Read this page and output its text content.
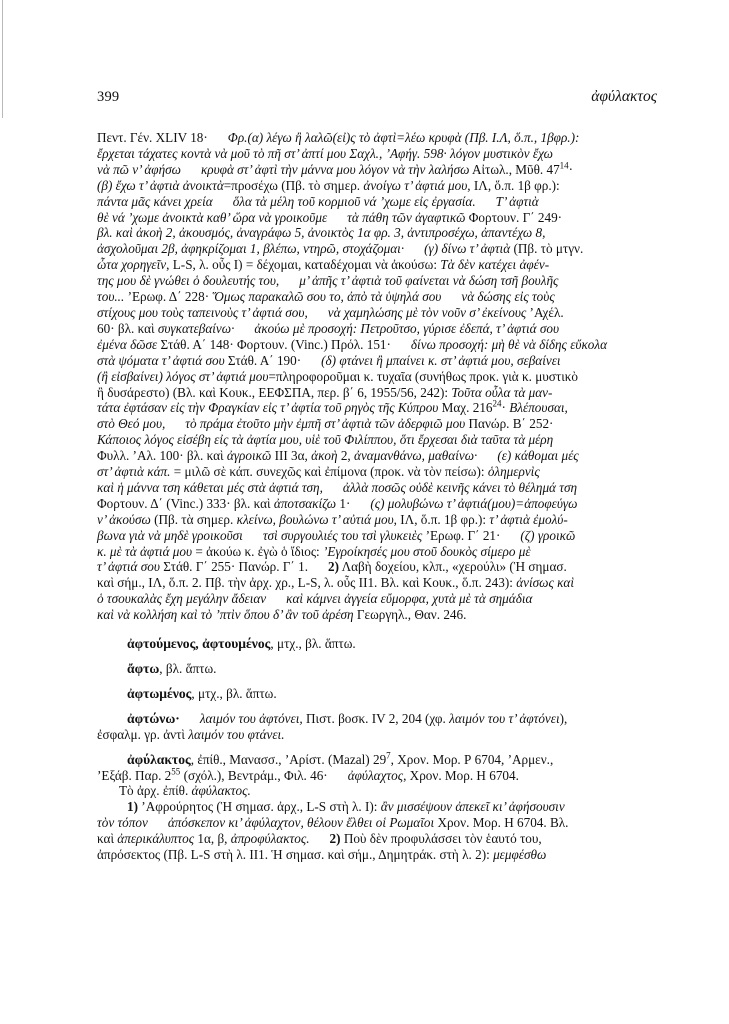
399	ἀφύλακτος
Πεντ. Γέν. XLIV 18· Φρ.(α) λέγω ἢ λαλῶ(εἰ)ς τὸ ἀφτὶ=λέω κρυφὰ (Πβ. Ι.Λ, ὅ.π., 1βφρ.):
ἔρχεται τάχατες κοντὰ νὰ μοῦ τὸ πῆ στ’ ἀπτί μου Σαχλ., ’Αφήγ. 598· λόγον μυστικὸν ἔχω
νὰ πῶ ν’ ἀφήσω κρυφὰ στ’ ἀφτὶ τὴν μάννα μου λόγον νὰ τὴν λαλήσω Αἰτωλ., Μῦθ. $47^{14}\cdot$
(β) ἔχω τ’ ἀφτιὰ ἀνοικτὰ=προσέχω (Πβ. τὸ σημερ. ἀνοίγω τ’ ἀφτιά μου, ΙΛ, ὅ.π. 1β φρ.):
πάντα μᾶς κάνει χρεία ὅλα τὰ μέλη τοῦ κορμιοῦ νά ’χωμε εἰς ἐργασία. Τ’ ἀφτιὰ
θὲ νά ’χωμε ἀνοικτὰ καθ’ ὥρα νὰ γροικοῦμε τὰ πάθη τῶν ἀγαφτικῶ Φορτουν. Γ΄ 249·
βλ. καὶ ἀκοὴ 2, ἀκουσμός, ἀναγράφω 5, ἀνοικτὸς 1α φρ. 3, ἀντιπροσέχω, ἀπαντέχω 8,
ἀσχολοῦμαι 2β, ἀφηκρίζομαι 1, βλέπω, ντηρῶ, στοχάζομαι· (γ) δίνω τ’ ἀφτιὰ (Πβ. τὸ μτγν.
ὦτα χορηγεῖν, L-S, λ. οὖς I) = δέχομαι, καταδέχομαι νὰ ἀκούσω: Τὰ δὲν κατέχει ἀφέν-
της μου δὲ γνώθει ὁ δουλευτής του, μ’ ἀπῆς τ’ ἀφτιὰ τοῦ φαίνεται νὰ δώση τσῆ βουλῆς
του... ’Ερωφ. Δ΄ 228· Ὅμως παρακαλῶ σου το, ἀπὸ τὰ ὑψηλά σου νὰ δώσης εἰς τοὺς
στίχους μου τοὺς ταπεινοὺς τ’ ἀφτιά σου, νὰ χαμηλώσης μὲ τὸν νοῦν σ’ ἐκείνους ’Αχέλ.
60· βλ. καὶ συγκατεβαίνω· ἀκούω μὲ προσοχή: Πετροῦτσο, γύρισε ἐδεπά, τ’ ἀφτιά σου
ἐμένα δῶσε Στάθ. Α΄ 148· Φορτουν. (Vinc.) Πρόλ. 151· δίνω προσοχή: μὴ θὲ νὰ δίδης εὔκολα
στὰ ψόματα τ’ ἀφτιά σου Στάθ. Α΄ 190· (δ) φτάνει ἢ μπαίνει κ. στ’ ἀφτιά μου, σεβαίνει
(ἢ εἰσβαίνει) λόγος στ’ ἀφτιά μου=πληροφοροῦμαι κ. τυχαῖα (συνήθως προκ. γιὰ κ. μυστικὸ
ἢ δυσάρεστο) (Βλ. καὶ Κουκ., ΕΕΦΣΠΑ, περ. β΄ 6, 1955/56, 242): Τοῦτα οὖλα τὰ μαν-
τάτα ἐφτάσαν εἰς τὴν Φραγκίαν εἰς τ’ ἀφτία τοῦ ρηγὸς τῆς Κύπρου Μαχ. $216^{24}\cdot B\lambda έ\pi o\upsilon\sigma\alpha\iota$,
στὸ Θεό μου, τὸ πράμα ἐτοῦτο μὴν ἐμπῆ στ’ ἀφτιὰ τῶν ἀδερφιῶ μου Πανώρ. Β΄ 252·
Κάποιος λόγος εἰσέβη εἰς τὰ ἀφτία μου, υἱὲ τοῦ Φιλίππου, ὅτι ἔρχεσαι διὰ ταῦτα τὰ μέρη
Φυλλ. ’Αλ. 100· βλ. καὶ ἀγροικῶ III 3α, ἀκοὴ 2, ἀναμανθάνω, μαθαίνω· (ε) κάθομαι μές
στ’ ἀφτιὰ κάπ. = μιλῶ σὲ κάπ. συνεχῶς καὶ ἐπίμονα (προκ. νὰ τὸν πείσω): ὁλημερνὶς
καὶ ἡ μάννα τση κάθεται μές στὰ ἀφτιά τση, ἀλλὰ ποσῶς οὐδὲ κεινῆς κάνει τὸ θέλημά τση
Φορτουν. Δ΄ (Vinc.) 333· βλ. καὶ ἀποτσακίζω 1· (ς) μολυβώνω τ’ ἀφτιά(μου)=ἀποφεύγω
ν’ ἀκούσω (Πβ. τὰ σημερ. κλείνω, βουλώνω τ’ αὐτιά μου, ΙΛ, ὅ.π. 1β φρ.): τ’ ἀφτιὰ ἐμολύ-
βωνα γιὰ νὰ μηδὲ γροικοῦσι τσὶ συργουλιές του τσὶ γλυκειὲς ’Ερωφ. Γ΄ 21· (ζ) γροικῶ
κ. μὲ τὰ ἀφτιά μου = ἀκούω κ. ἐγὼ ὁ ἴδιος: ’Εγροίκησές μου στοῦ δουκὸς σίμερο μὲ
τ’ ἀφτιά σου Στάθ. Γ΄ 255· Πανώρ. Γ΄ 1. 2) Λαβὴ δοχείου, κλπ., «χερούλι» (Ἡ σημασ.
καὶ σήμ., ΙΛ, ὅ.π. 2. Πβ. τὴν ἀρχ. χρ., L-S, λ. οὖς II1. Βλ. καὶ Κουκ., ὅ.π. 243): ἀνίσως καὶ
ὁ τσουκαλὰς ἔχη μεγάλην ἄδειαν καὶ κάμνει ἀγγεία εὔμορφα, χυτὰ μὲ τὰ σημάδια
καὶ νὰ κολλήση καὶ τὸ ’πτὶν ὅπου δ’ ἂν τοῦ ἀρέση Γεωργηλ., Θαν. 246.

ἀφτούμενος, ἀφτουμένος, μτχ., βλ. ἅπτω.

ἄφτω, βλ. ἅπτω.

ἀφτωμένος, μτχ., βλ. ἅπτω.

ἀφτώνω· λαιμόν του ἀφτόνει, Πιστ. βοσκ. IV 2, 204 (χφ. λαιμόν του τ’ ἀφτόνει),
ἐσφαλμ. γρ. ἀντὶ λαιμόν του φτάνει.
ἀφύλακτος, ἐπίθ., Μανασσ., ’Αρίστ. (Mazal) $29^7$, Χρον. Μορ. Ρ 6704, ’Αρμεν.,
’Εξάβ. Παρ. $2^{55}$ (σχόλ.), Βεντράμ., Φιλ. 46· ἀφύλαχτος, Χρον. Μορ. Η 6704.
Τὸ ἀρχ. ἐπίθ. ἀφύλακτος.
1) ’Αφρούρητος (Ἡ σημασ. ἀρχ., L-S στὴ λ. I): ἂν μισσέψουν ἀπεκεῖ κι’ ἀφήσουσιν
τὸν τόπον ἀπόσκεπον κι’ ἀφύλαχτον, θέλουν ἔλθει οἱ Ρωμαῖοι Χρον. Μορ. Η 6704. Βλ.
καὶ ἀπερικάλυπτος 1α, β, ἀπροφύλακτος. 2) Ποὺ δὲν προφυλάσσει τὸν ἑαυτό του,
ἀπρόσεκτος (Πβ. L-S στὴ λ. II1. Ἡ σημασ. καὶ σήμ., Δημητράκ. στὴ λ. 2): μεμφέσθω
